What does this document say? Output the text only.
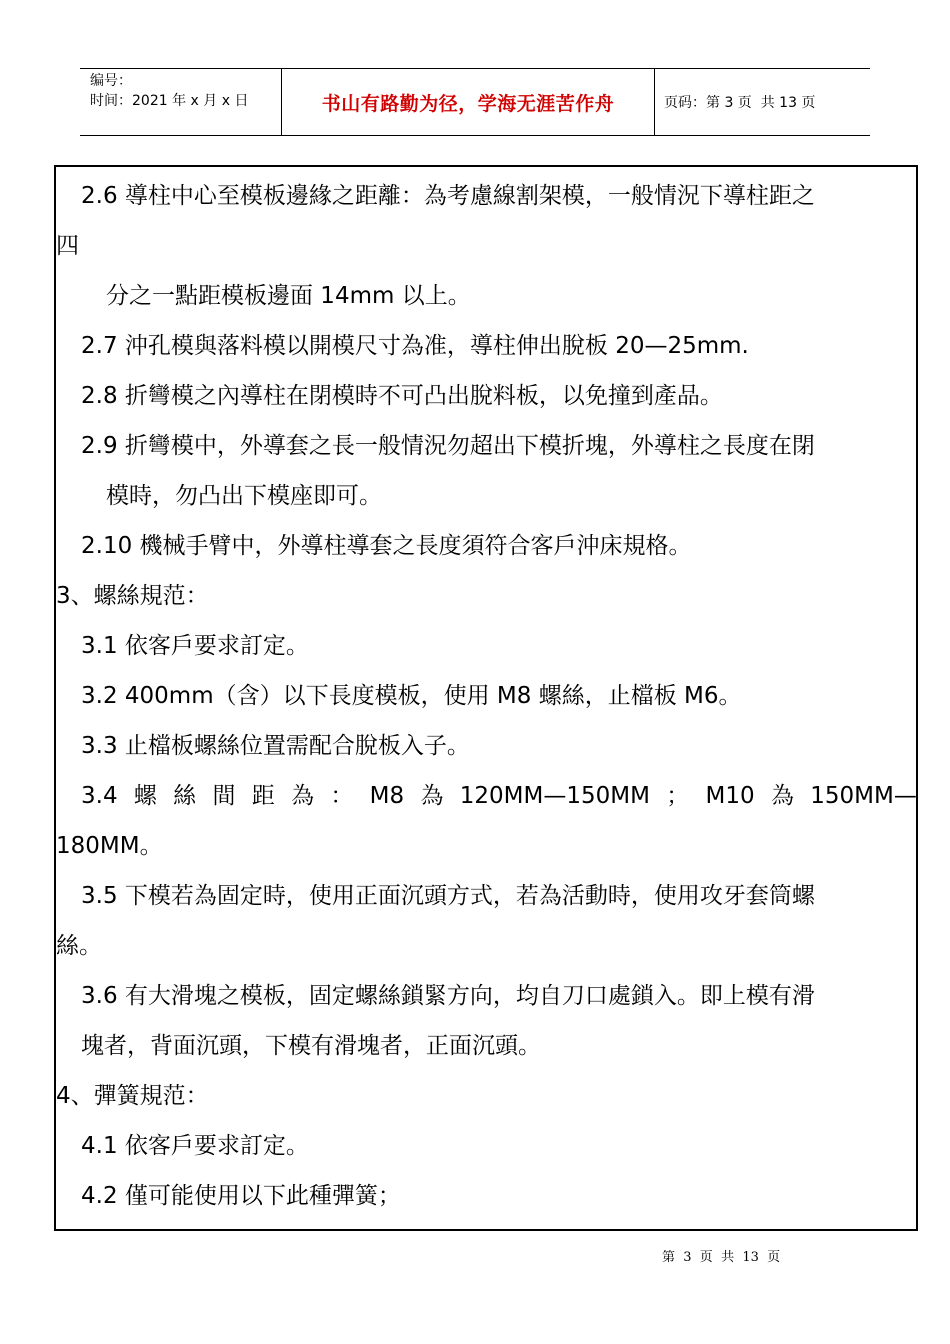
编号：
时间：2021 年 x 月 x 日	书山有路勤为径，学海无涯苦作舟	页码：第 3 页  共 13 页
2.6 導柱中心至模板邊緣之距離：為考慮線割架模，一般情況下導柱距之
四
分之一點距模板邊面 14mm 以上。
2.7 沖孔模與落料模以開模尺寸為准，導柱伸出脫板 20—25mm.
2.8 折彎模之內導柱在閉模時不可凸出脫料板，以免撞到產品。
2.9 折彎模中，外導套之長一般情況勿超出下模折塊，外導柱之長度在閉
模時，勿凸出下模座即可。
2.10 機械手臂中，外導柱導套之長度須符合客戶沖床規格。
3、螺絲規范：
3.1 依客戶要求訂定。
3.2 400mm（含）以下長度模板，使用 M8 螺絲，止檔板 M6。
3.3 止檔板螺絲位置需配合脫板入子。
3.4 螺 絲 間 距 為 ： M8 為 120MM—150MM ； M10 為 150MM—
180MM。
3.5 下模若為固定時，使用正面沉頭方式，若為活動時，使用攻牙套筒螺
絲。
3.6 有大滑塊之模板，固定螺絲鎖緊方向，均自刀口處鎖入。即上模有滑
塊者，背面沉頭，下模有滑塊者，正面沉頭。
4、彈簧規范：
4.1 依客戶要求訂定。
4.2 僅可能使用以下此種彈簧；
第  3  页  共  13  页
